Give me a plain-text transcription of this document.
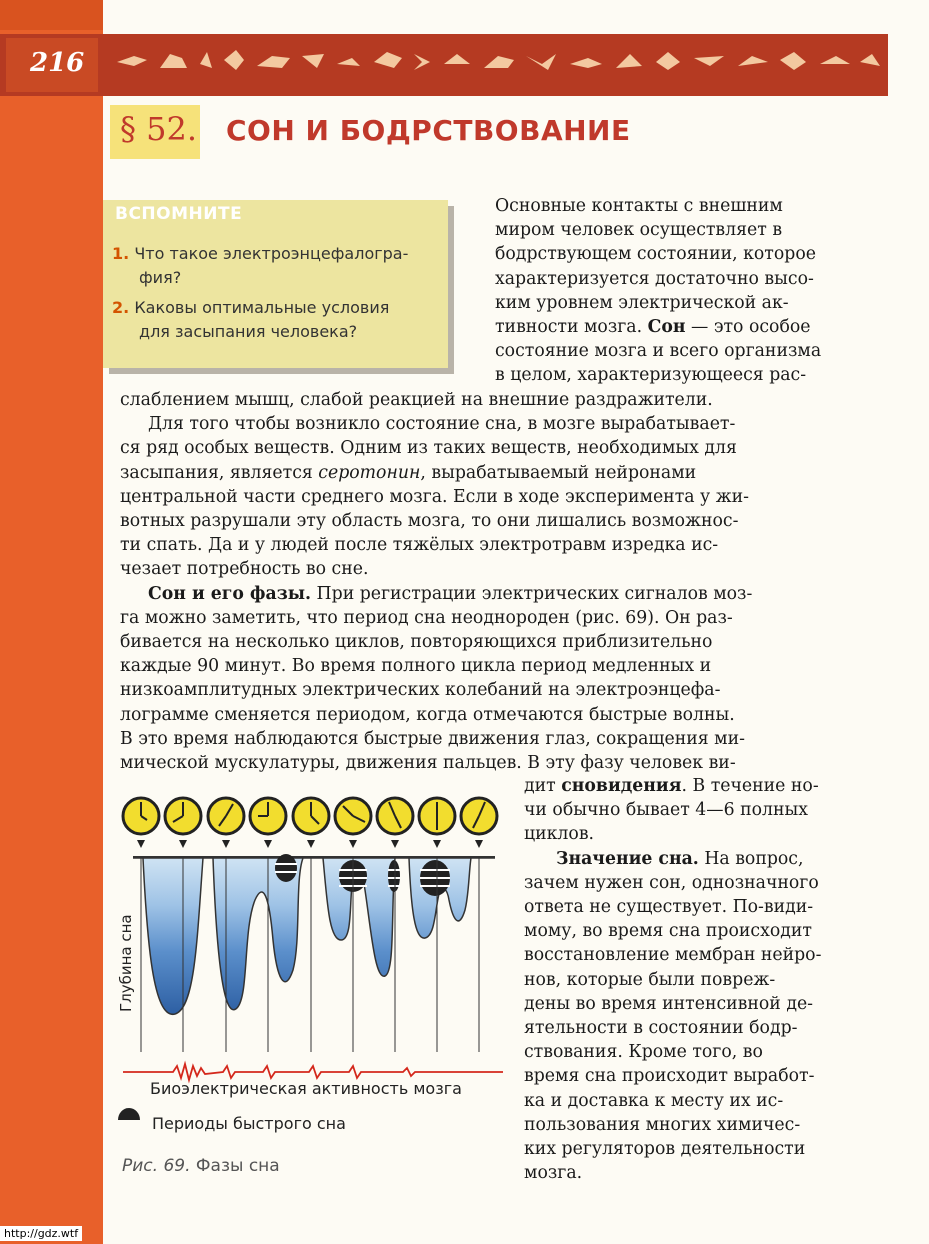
216
§ 52. СОН И БОДРСТВОВАНИЕ
ВСПОМНИТЕ
1. Что такое электроэнцефалогра-
фия?
2. Каковы оптимальные условия
для засыпания человека?
Основные контакты с внешним
миром человек осуществляет в
бодрствующем состоянии, которое
характеризуется достаточно высо-
ким уровнем электрической ак-
тивности мозга. Сон — это особое
состояние мозга и всего организма
в целом, характеризующееся рас-
слаблением мышц, слабой реакцией на внешние раздражители.
Для того чтобы возникло состояние сна, в мозге вырабатывает-
ся ряд особых веществ. Одним из таких веществ, необходимых для
засыпания, является серотонин, вырабатываемый нейронами
центральной части среднего мозга. Если в ходе эксперимента у жи-
вотных разрушали эту область мозга, то они лишались возможнос-
ти спать. Да и у людей после тяжёлых электротравм изредка ис-
чезает потребность во сне.
Сон и его фазы. При регистрации электрических сигналов моз-
га можно заметить, что период сна неоднороден (рис. 69). Он раз-
бивается на несколько циклов, повторяющихся приблизительно
каждые 90 минут. Во время полного цикла период медленных и
низкоамплитудных электрических колебаний на электроэнцефа-
лограмме сменяется периодом, когда отмечаются быстрые волны.
В это время наблюдаются быстрые движения глаз, сокращения ми-
мической мускулатуры, движения пальцев. В эту фазу человек ви-
дит сновидения. В течение но-
чи обычно бывает 4—6 полных
циклов.
Значение сна. На вопрос,
зачем нужен сон, однозначного
ответа не существует. По-види-
мому, во время сна происходит
восстановление мембран нейро-
нов, которые были повреж-
дены во время интенсивной де-
ятельности в состоянии бодр-
ствования. Кроме того, во
время сна происходит выработ-
ка и доставка к месту их ис-
пользования многих химичес-
ких регуляторов деятельности
мозга.
Глубина сна
Биоэлектрическая активность мозга
Периоды быстрого сна
Рис. 69. Фазы сна
http://gdz.wtf
